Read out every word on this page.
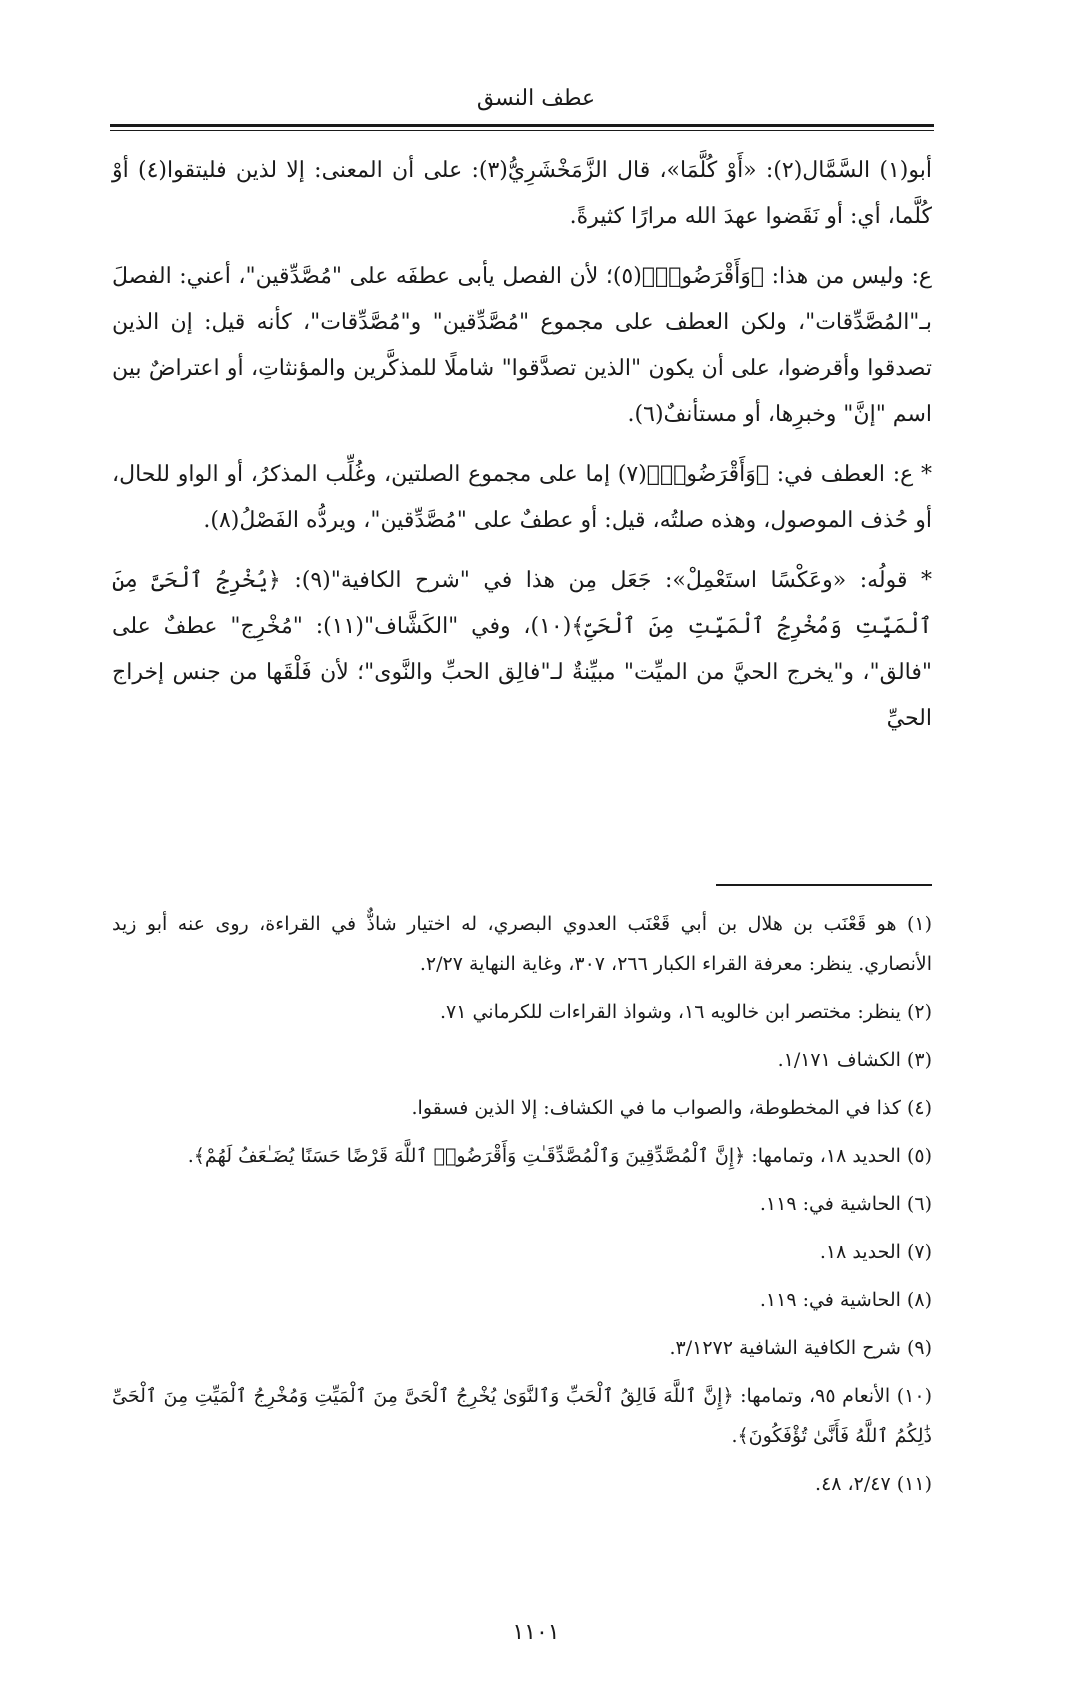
عطف النسق

أبو(١) السَّمَّال(٢): «أَوْ كُلَّمَا»، قال الزَّمَخْشَرِيُّ(٣): على أن المعنى: إلا لذين فليتقوا(٤) أوْ كُلَّما، أي: أو نَقَضوا عهدَ الله مرارًا كثيرةً.

ع: وليس من هذا: ﴿وَأَقْرَضُوا۟﴾(٥)؛ لأن الفصل يأبى عطفَه على "مُصَّدِّقين"، أعني: الفصلَ بـ"المُصَّدِّقات"، ولكن العطف على مجموع "مُصَّدِّقين" و"مُصَّدِّقات"، كأنه قيل: إن الذين تصدقوا وأقرضوا، على أن يكون "الذين تصدَّقوا" شاملًا للمذكَّرين والمؤنثاتِ، أو اعتراضٌ بين اسم "إنَّ" وخبرِها، أو مستأنفٌ(٦).

* ع: العطف في: ﴿وَأَقْرَضُوا۟﴾(٧) إما على مجموع الصلتين، وغُلِّب المذكرُ، أو الواو للحال، أو حُذف الموصول، وهذه صلتُه، قيل: أو عطفٌ على "مُصَّدِّقين"، ويردُّه الفَصْلُ(٨).

* قولُه: «وعَكْسًا استَعْمِلْ»: جَعَل مِن هذا في "شرح الكافية"(٩): ﴿يُخْرِجُ ٱلْحَىَّ مِنَ ٱلْمَيِّتِ وَمُخْرِجُ ٱلْمَيِّتِ مِنَ ٱلْحَىِّ﴾(١٠)، وفي "الكَشَّاف"(١١): "مُخْرِج" عطفٌ على "فالق"، و"يخرج الحيَّ من الميِّت" مبيِّنةٌ لـ"فالِق الحبِّ والنَّوى"؛ لأن فَلْقَها من جنس إخراج الحيِّ

(١) هو قَعْنَب بن هلال بن أبي قَعْنَب العدوي البصري، له اختيار شاذٌّ في القراءة، روى عنه أبو زيد الأنصاري. ينظر: معرفة القراء الكبار ٢٦٦، ٣٠٧، وغاية النهاية ٢/٢٧.

(٢) ينظر: مختصر ابن خالويه ١٦، وشواذ القراءات للكرماني ٧١.

(٣) الكشاف ١/١٧١.

(٤) كذا في المخطوطة، والصواب ما في الكشاف: إلا الذين فسقوا.

(٥) الحديد ١٨، وتمامها: ﴿إِنَّ ٱلْمُصَّدِّقِينَ وَٱلْمُصَّدِّقَـٰتِ وَأَقْرَضُوا۟ ٱللَّهَ قَرْضًا حَسَنًا يُضَـٰعَفُ لَهُمْ﴾.

(٦) الحاشية في: ١١٩.

(٧) الحديد ١٨.

(٨) الحاشية في: ١١٩.

(٩) شرح الكافية الشافية ٣/١٢٧٢.

(١٠) الأنعام ٩٥، وتمامها: ﴿إِنَّ ٱللَّهَ فَالِقُ ٱلْحَبِّ وَٱلنَّوَىٰ يُخْرِجُ ٱلْحَىَّ مِنَ ٱلْمَيِّتِ وَمُخْرِجُ ٱلْمَيِّتِ مِنَ ٱلْحَىِّ ذَٰلِكُمُ ٱللَّهُ فَأَنَّىٰ تُؤْفَكُونَ﴾.

(١١) ٢/٤٧، ٤٨.

١١٠١
